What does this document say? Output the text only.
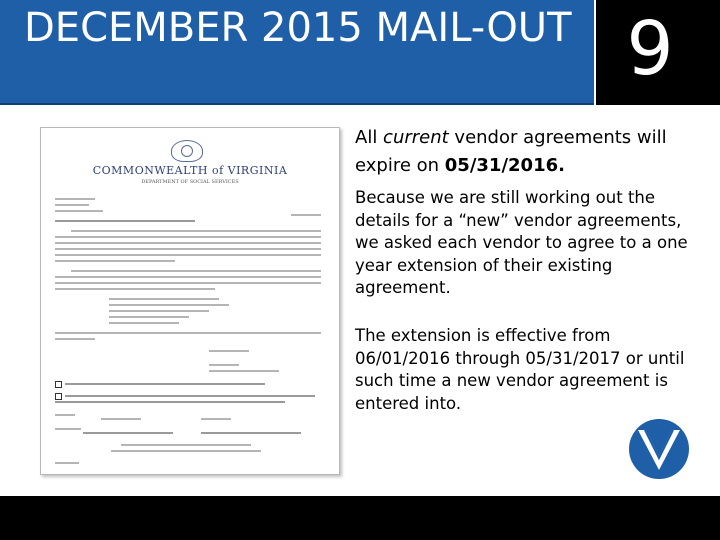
DECEMBER 2015 MAIL-OUT 9
COMMONWEALTH of VIRGINIA
DEPARTMENT OF SOCIAL SERVICES
All current vendor agreements will expire on 05/31/2016.
Because we are still working out the details for a “new” vendor agreements, we asked each vendor to agree to a one year extension of their existing agreement.
The extension is effective from 06/01/2016 through 05/31/2017 or until such time a new vendor agreement is entered into.
